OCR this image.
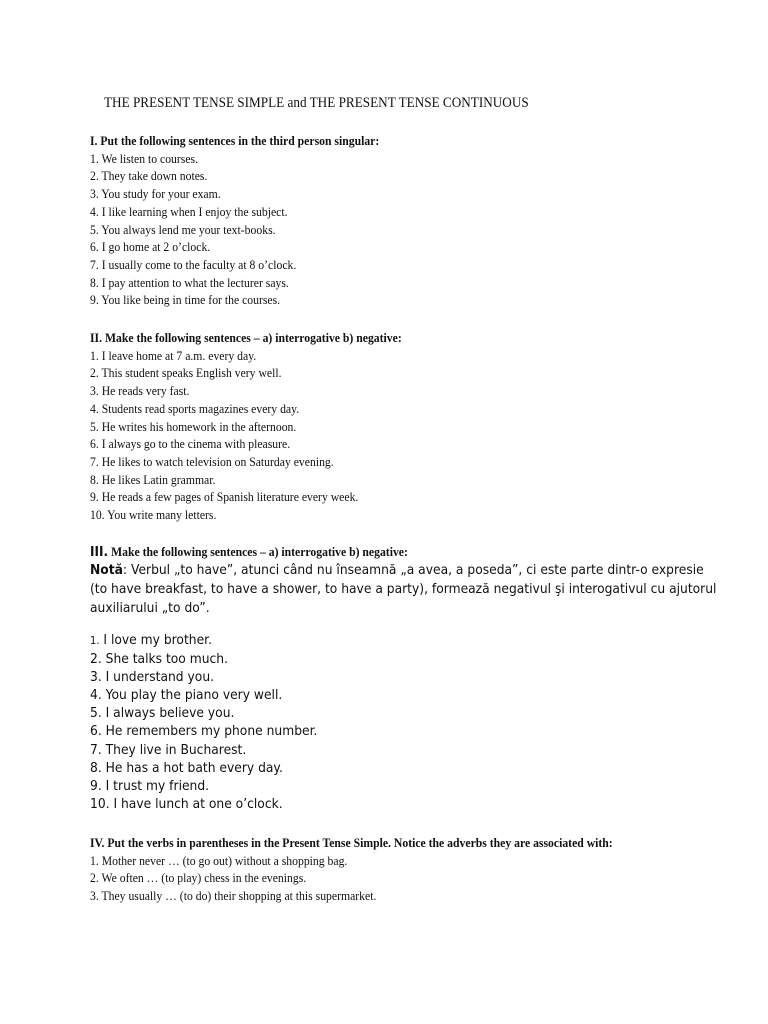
THE PRESENT TENSE SIMPLE and THE PRESENT TENSE CONTINUOUS
I. Put the following sentences in the third person singular:
1. We listen to courses.
2. They take down notes.
3. You study for your exam.
4. I like learning when I enjoy the subject.
5. You always lend me your text-books.
6. I go home at 2 o’clock.
7. I usually come to the faculty at 8 o’clock.
8. I pay attention to what the lecturer says.
9. You like being in time for the courses.
II. Make the following sentences – a) interrogative b) negative:
1. I leave home at 7 a.m. every day.
2. This student speaks English very well.
3. He reads very fast.
4. Students read sports magazines every day.
5. He writes his homework in the afternoon.
6. I always go to the cinema with pleasure.
7. He likes to watch television on Saturday evening.
8. He likes Latin grammar.
9. He reads a few pages of Spanish literature every week.
10. You write many letters.
III. Make the following sentences – a) interrogative b) negative:
Notă: Verbul „to have”, atunci când nu înseamnă „a avea, a poseda”, ci este parte dintr-o expresie (to have breakfast, to have a shower, to have a party), formează negativul şi interogativul cu ajutorul auxiliarului „to do”.
1. I love my brother.
2. She talks too much.
3. I understand you.
4. You play the piano very well.
5. I always believe you.
6. He remembers my phone number.
7. They live in Bucharest.
8. He has a hot bath every day.
9. I trust my friend.
10. I have lunch at one o’clock.
IV. Put the verbs in parentheses in the Present Tense Simple. Notice the adverbs they are associated with:
1. Mother never … (to go out) without a shopping bag.
2. We often … (to play) chess in the evenings.
3. They usually … (to do) their shopping at this supermarket.
